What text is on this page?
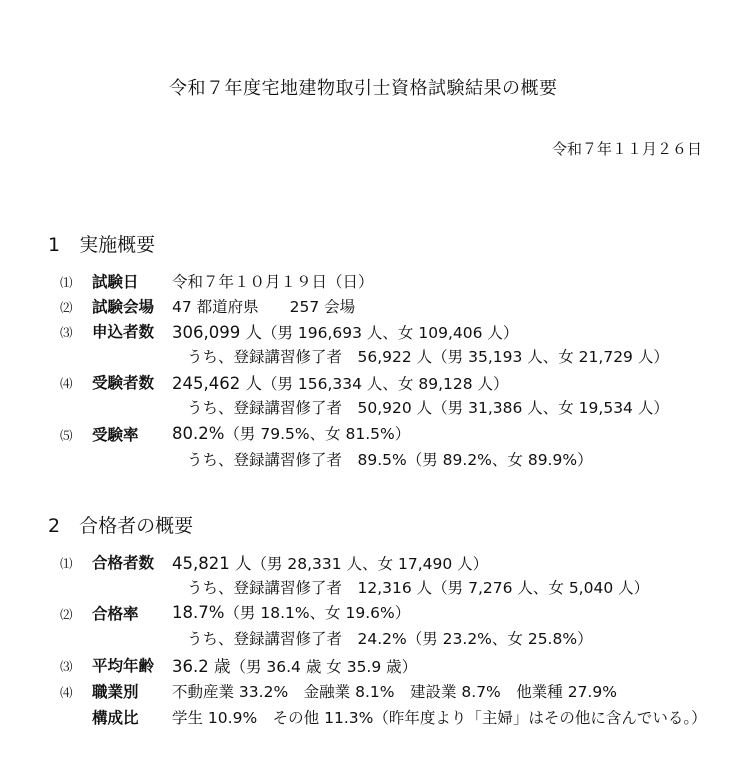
令和７年度宅地建物取引士資格試験結果の概要
令和７年１１月２６日
1　実施概要
⑴ 試験日 令和７年１０月１９日（日）
⑵ 試験会場 47 都道府県　　257 会場
⑶ 申込者数 306,099 人（男 196,693 人、女 109,406 人）
うち、登録講習修了者　56,922 人（男 35,193 人、女 21,729 人）
⑷ 受験者数 245,462 人（男 156,334 人、女 89,128 人）
うち、登録講習修了者　50,920 人（男 31,386 人、女 19,534 人）
⑸ 受験率 80.2%（男 79.5%、女 81.5%）
うち、登録講習修了者　89.5%（男 89.2%、女 89.9%）
2　合格者の概要
⑴ 合格者数 45,821 人（男 28,331 人、女 17,490 人）
うち、登録講習修了者　12,316 人（男 7,276 人、女 5,040 人）
⑵ 合格率 18.7%（男 18.1%、女 19.6%）
うち、登録講習修了者　24.2%（男 23.2%、女 25.8%）
⑶ 平均年齢 36.2 歳（男 36.4 歳 女 35.9 歳）
⑷ 職業別 不動産業 33.2%　金融業 8.1%　建設業 8.7%　他業種 27.9%
構成比 学生 10.9%　その他 11.3%（昨年度より「主婦」はその他に含んでいる。）
